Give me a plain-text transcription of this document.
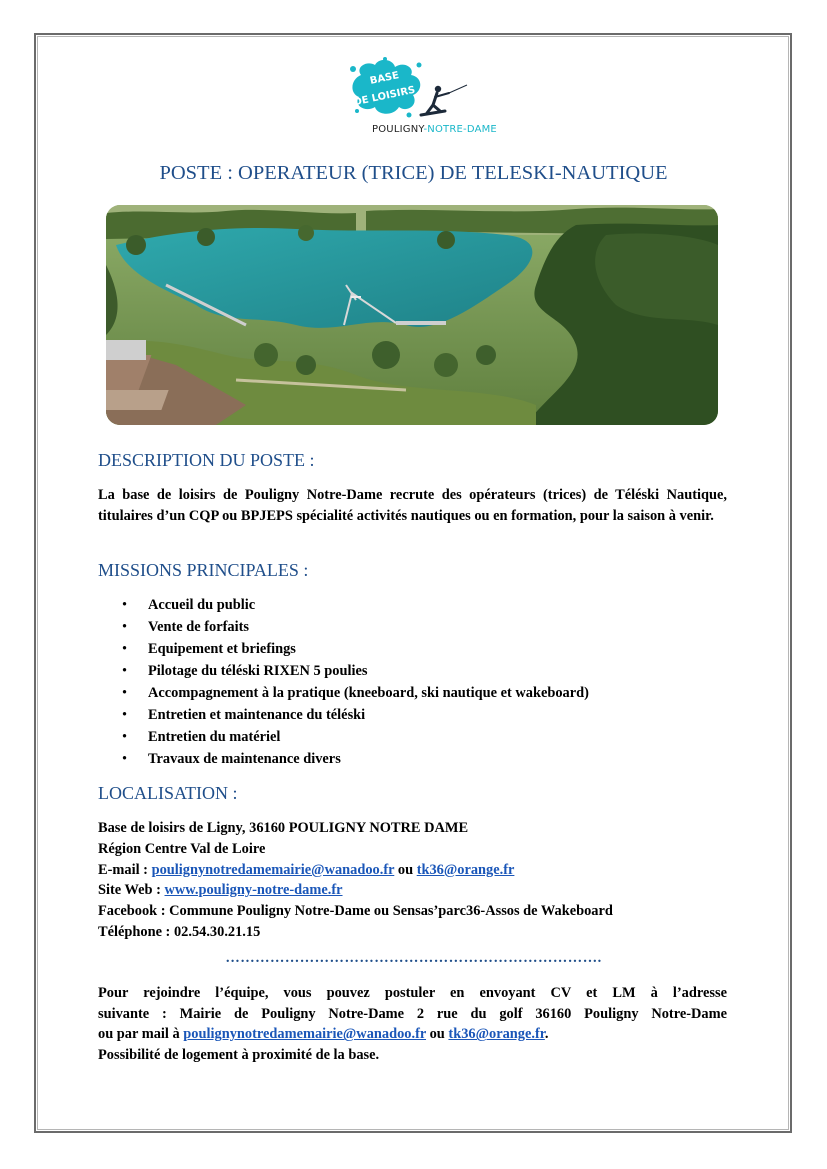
BASE
DE LOISIRS
POULIGNY-NOTRE-DAME
POSTE : OPERATEUR (TRICE) DE TELESKI-NAUTIQUE
DESCRIPTION DU POSTE :
La base de loisirs de Pouligny Notre-Dame recrute des opérateurs (trices) de Téléski Nautique, titulaires d’un CQP ou BPJEPS spécialité activités nautiques ou en formation, pour la saison à venir.
MISSIONS PRINCIPALES :
• Accueil du public
• Vente de forfaits
• Equipement et briefings
• Pilotage du téléski RIXEN 5 poulies
• Accompagnement à la pratique (kneeboard, ski nautique et wakeboard)
• Entretien et maintenance du téléski
• Entretien du matériel
• Travaux de maintenance divers
LOCALISATION :
Base de loisirs de Ligny, 36160 POULIGNY NOTRE DAME
Région Centre Val de Loire
E-mail : poulignynotredamemairie@wanadoo.fr ou tk36@orange.fr
Site Web : www.pouligny-notre-dame.fr
Facebook : Commune Pouligny Notre-Dame ou Sensas’parc36-Assos de Wakeboard
Téléphone : 02.54.30.21.15
………………………………………………………………….
Pour rejoindre l’équipe, vous pouvez postuler en envoyant CV et LM à l’adresse
suivante : Mairie de Pouligny Notre-Dame 2 rue du golf 36160 Pouligny Notre-Dame
ou par mail à poulignynotredamemairie@wanadoo.fr ou tk36@orange.fr.
Possibilité de logement à proximité de la base.
